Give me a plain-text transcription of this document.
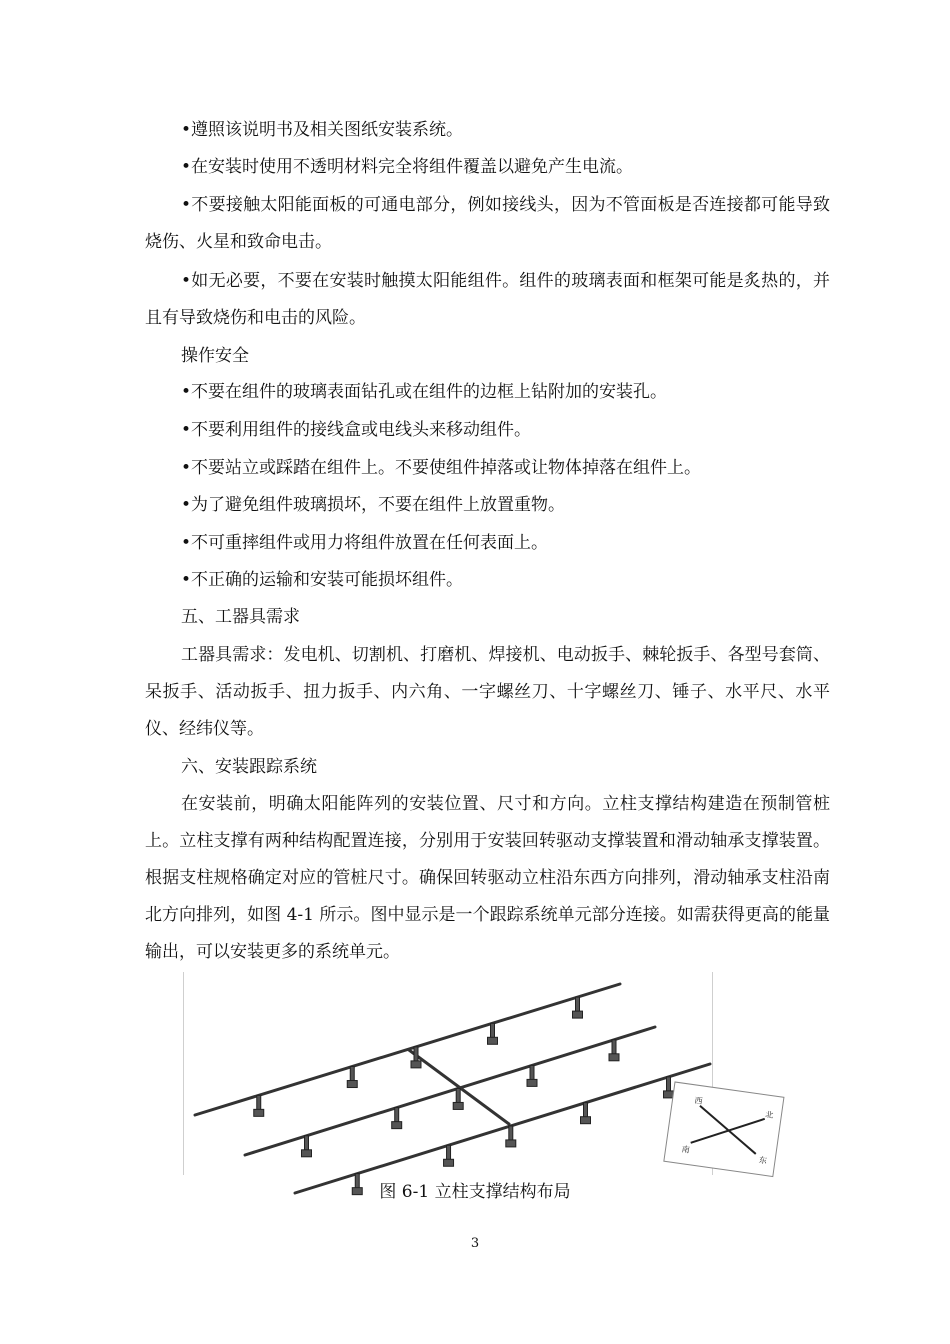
•遵照该说明书及相关图纸安装系统。
•在安装时使用不透明材料完全将组件覆盖以避免产生电流。

•不要接触太阳能面板的可通电部分，例如接线头，因为不管面板是否连接都可能导致烧伤、火星和致命电击。

•如无必要，不要在安装时触摸太阳能组件。组件的玻璃表面和框架可能是炙热的，并且有导致烧伤和电击的风险。

操作安全
•不要在组件的玻璃表面钻孔或在组件的边框上钻附加的安装孔。
•不要利用组件的接线盒或电线头来移动组件。
•不要站立或踩踏在组件上。不要使组件掉落或让物体掉落在组件上。
•为了避免组件玻璃损坏，不要在组件上放置重物。
•不可重摔组件或用力将组件放置在任何表面上。
•不正确的运输和安装可能损坏组件。
五、工器具需求

工器具需求：发电机、切割机、打磨机、焊接机、电动扳手、棘轮扳手、各型号套筒、呆扳手、活动扳手、扭力扳手、内六角、一字螺丝刀、十字螺丝刀、锤子、水平尺、水平仪、经纬仪等。

六、安装跟踪系统

在安装前，明确太阳能阵列的安装位置、尺寸和方向。立柱支撑结构建造在预制管桩上。立柱支撑有两种结构配置连接，分别用于安装回转驱动支撑装置和滑动轴承支撑装置。根据支柱规格确定对应的管桩尺寸。确保回转驱动立柱沿东西方向排列，滑动轴承支柱沿南北方向排列，如图 4-1 所示。图中显示是一个跟踪系统单元部分连接。如需获得更高的能量输出，可以安装更多的系统单元。

西
北
南
东
图 6-1 立柱支撑结构布局
3
